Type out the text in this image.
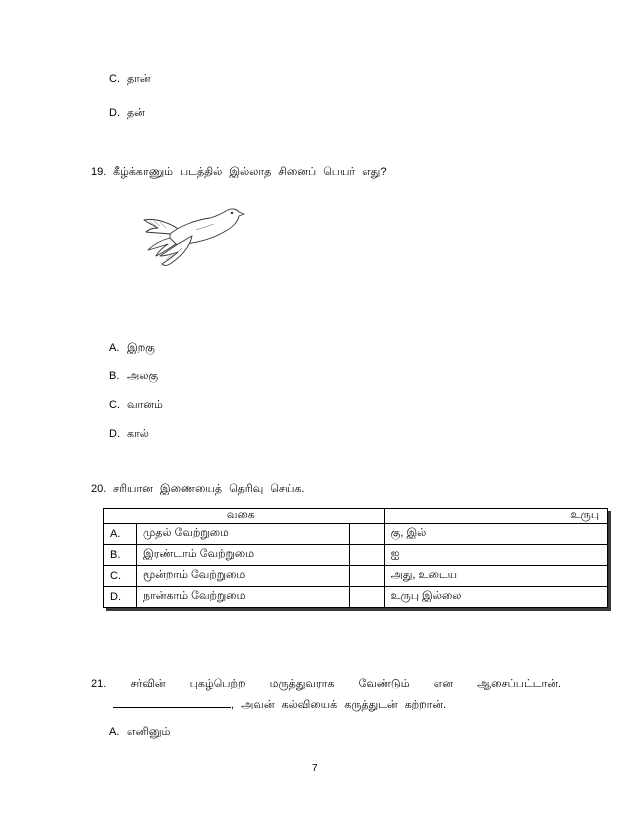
C. தான்
D. தன்
19. கீழ்க்காணும் படத்தில் இல்லாத சினைப் பெயர் எது?
A. இறகு
B. அலகு
C. வானம்
D. கால்
20. சரியான இணையைத் தெரிவு செய்க.
வகை			உருபு
A.	முதல் வேற்றுமை		கு, இல்
B.	இரண்டாம் வேற்றுமை		ஐ
C.	மூன்றாம் வேற்றுமை		அது, உடைய
D.	நான்காம் வேற்றுமை		உருபு இல்லை
21. சர்வின் புகழ்பெற்ற மருத்துவராக வேண்டும் என ஆசைப்பட்டான்.
, அவன் கல்வியைக் கருத்துடன் கற்றான்.
A. எனினும்
7
